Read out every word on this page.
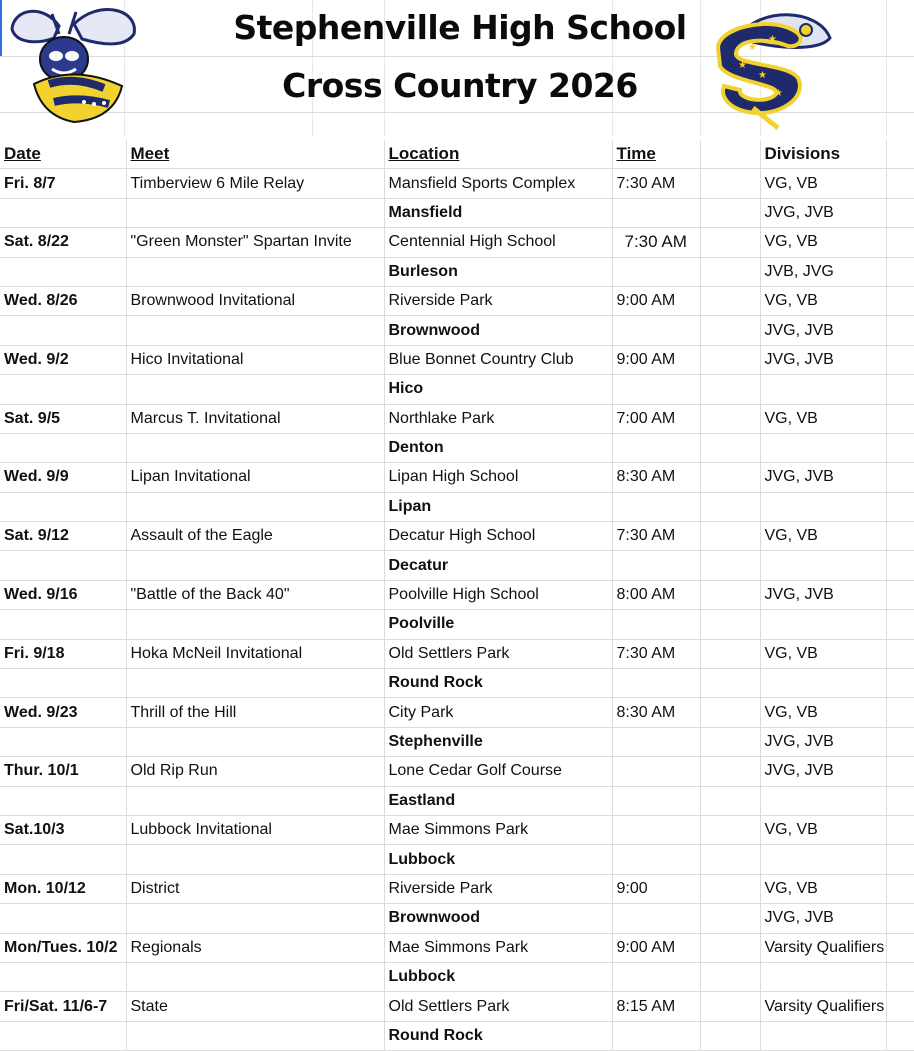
★
★
★
★
★
Stephenville High School
Cross Country 2026
Date	Meet	Location	Time		Divisions	
Fri. 8/7	Timberview 6 Mile Relay	Mansfield Sports Complex	7:30 AM		VG, VB	
		Mansfield			JVG, JVB	
Sat. 8/22	"Green Monster" Spartan Invite	Centennial High School	7:30 AM		VG, VB	
		Burleson			JVB, JVG	
Wed. 8/26	Brownwood Invitational	Riverside Park	9:00 AM		VG, VB	
		Brownwood			JVG, JVB	
Wed. 9/2	Hico Invitational	Blue Bonnet Country Club	9:00 AM		JVG, JVB	
		Hico				
Sat. 9/5	Marcus T. Invitational	Northlake Park	7:00 AM		VG, VB	
		Denton				
Wed. 9/9	Lipan Invitational	Lipan High School	8:30 AM		JVG, JVB	
		Lipan				
Sat. 9/12	Assault of the Eagle	Decatur High School	7:30 AM		VG, VB	
		Decatur				
Wed. 9/16	"Battle of the Back 40"	Poolville High School	8:00 AM		JVG, JVB	
		Poolville				
Fri. 9/18	Hoka McNeil Invitational	Old Settlers Park	7:30 AM		VG, VB	
		Round Rock				
Wed. 9/23	Thrill of the Hill	City Park	8:30 AM		VG, VB	
		Stephenville			JVG, JVB	
Thur. 10/1	Old Rip Run	Lone Cedar Golf Course			JVG, JVB	
		Eastland				
Sat.10/3	Lubbock Invitational	Mae Simmons Park			VG, VB	
		Lubbock				
Mon. 10/12	District	Riverside Park	9:00		VG, VB	
		Brownwood			JVG, JVB	
Mon/Tues. 10/2	Regionals	Mae Simmons Park	9:00 AM		Varsity Qualifiers	
		Lubbock				
Fri/Sat. 11/6-7	State	Old Settlers Park	8:15 AM		Varsity Qualifiers	
		Round Rock				
